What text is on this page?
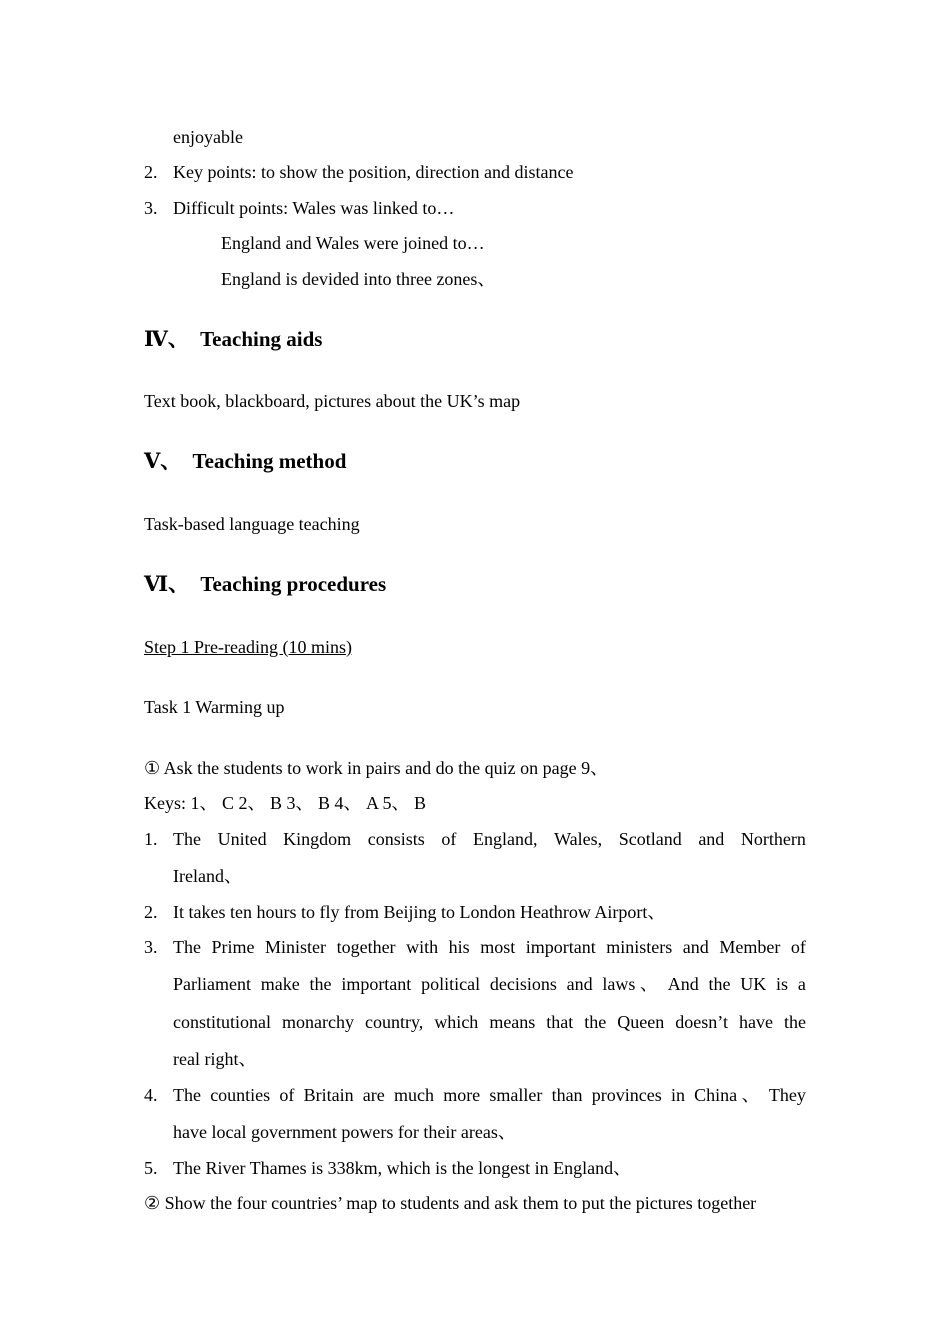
enjoyable
2. Key points: to show the position, direction and distance
3. Difficult points: Wales was linked to…
England and Wales were joined to…
England is devided into three zones、
Ⅳ、 Teaching aids
Text book, blackboard, pictures about the UK’s map
Ⅴ、 Teaching method
Task-based language teaching
Ⅵ、 Teaching procedures
Step 1 Pre-reading (10 mins)
Task 1 Warming up
① Ask the students to work in pairs and do the quiz on page 9、
Keys: 1、 C 2、 B 3、 B 4、 A 5、 B
1. The United Kingdom consists of England, Wales, Scotland and Northern
Ireland、
2. It takes ten hours to fly from Beijing to London Heathrow Airport、
3. The Prime Minister together with his most important ministers and Member of
Parliament make the important political decisions and laws 、 And the UK is a
constitutional monarchy country, which means that the Queen doesn’t have the
real right、
4. The counties of Britain are much more smaller than provinces in China 、 They
have local government powers for their areas、
5. The River Thames is 338km, which is the longest in England、
② Show the four countries’ map to students and ask them to put the pictures together
